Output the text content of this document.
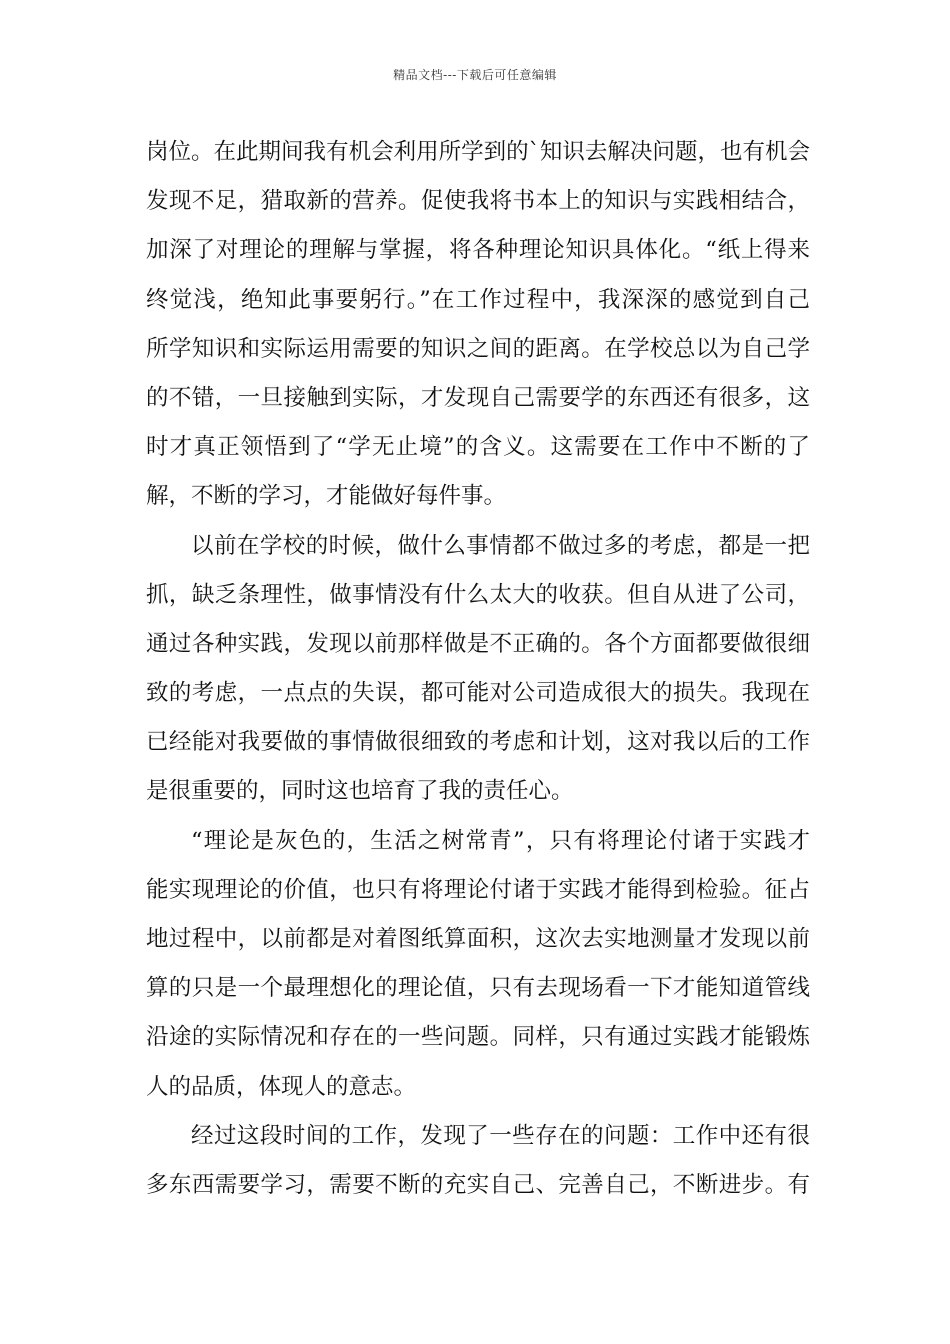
精品文档---下载后可任意编辑
岗位。在此期间我有机会利用所学到的`知识去解决问题，也有机会
发现不足，猎取新的营养。促使我将书本上的知识与实践相结合，
加深了对理论的理解与掌握，将各种理论知识具体化。“纸上得来
终觉浅，绝知此事要躬行。”在工作过程中，我深深的感觉到自己
所学知识和实际运用需要的知识之间的距离。在学校总以为自己学
的不错，一旦接触到实际，才发现自己需要学的东西还有很多，这
时才真正领悟到了“学无止境”的含义。这需要在工作中不断的了
解，不断的学习，才能做好每件事。
以前在学校的时候，做什么事情都不做过多的考虑，都是一把
抓，缺乏条理性，做事情没有什么太大的收获。但自从进了公司，
通过各种实践，发现以前那样做是不正确的。各个方面都要做很细
致的考虑，一点点的失误，都可能对公司造成很大的损失。我现在
已经能对我要做的事情做很细致的考虑和计划，这对我以后的工作
是很重要的，同时这也培育了我的责任心。
“理论是灰色的，生活之树常青”，只有将理论付诸于实践才
能实现理论的价值，也只有将理论付诸于实践才能得到检验。征占
地过程中，以前都是对着图纸算面积，这次去实地测量才发现以前
算的只是一个最理想化的理论值，只有去现场看一下才能知道管线
沿途的实际情况和存在的一些问题。同样，只有通过实践才能锻炼
人的品质，体现人的意志。
经过这段时间的工作，发现了一些存在的问题：工作中还有很
多东西需要学习，需要不断的充实自己、完善自己，不断进步。有
